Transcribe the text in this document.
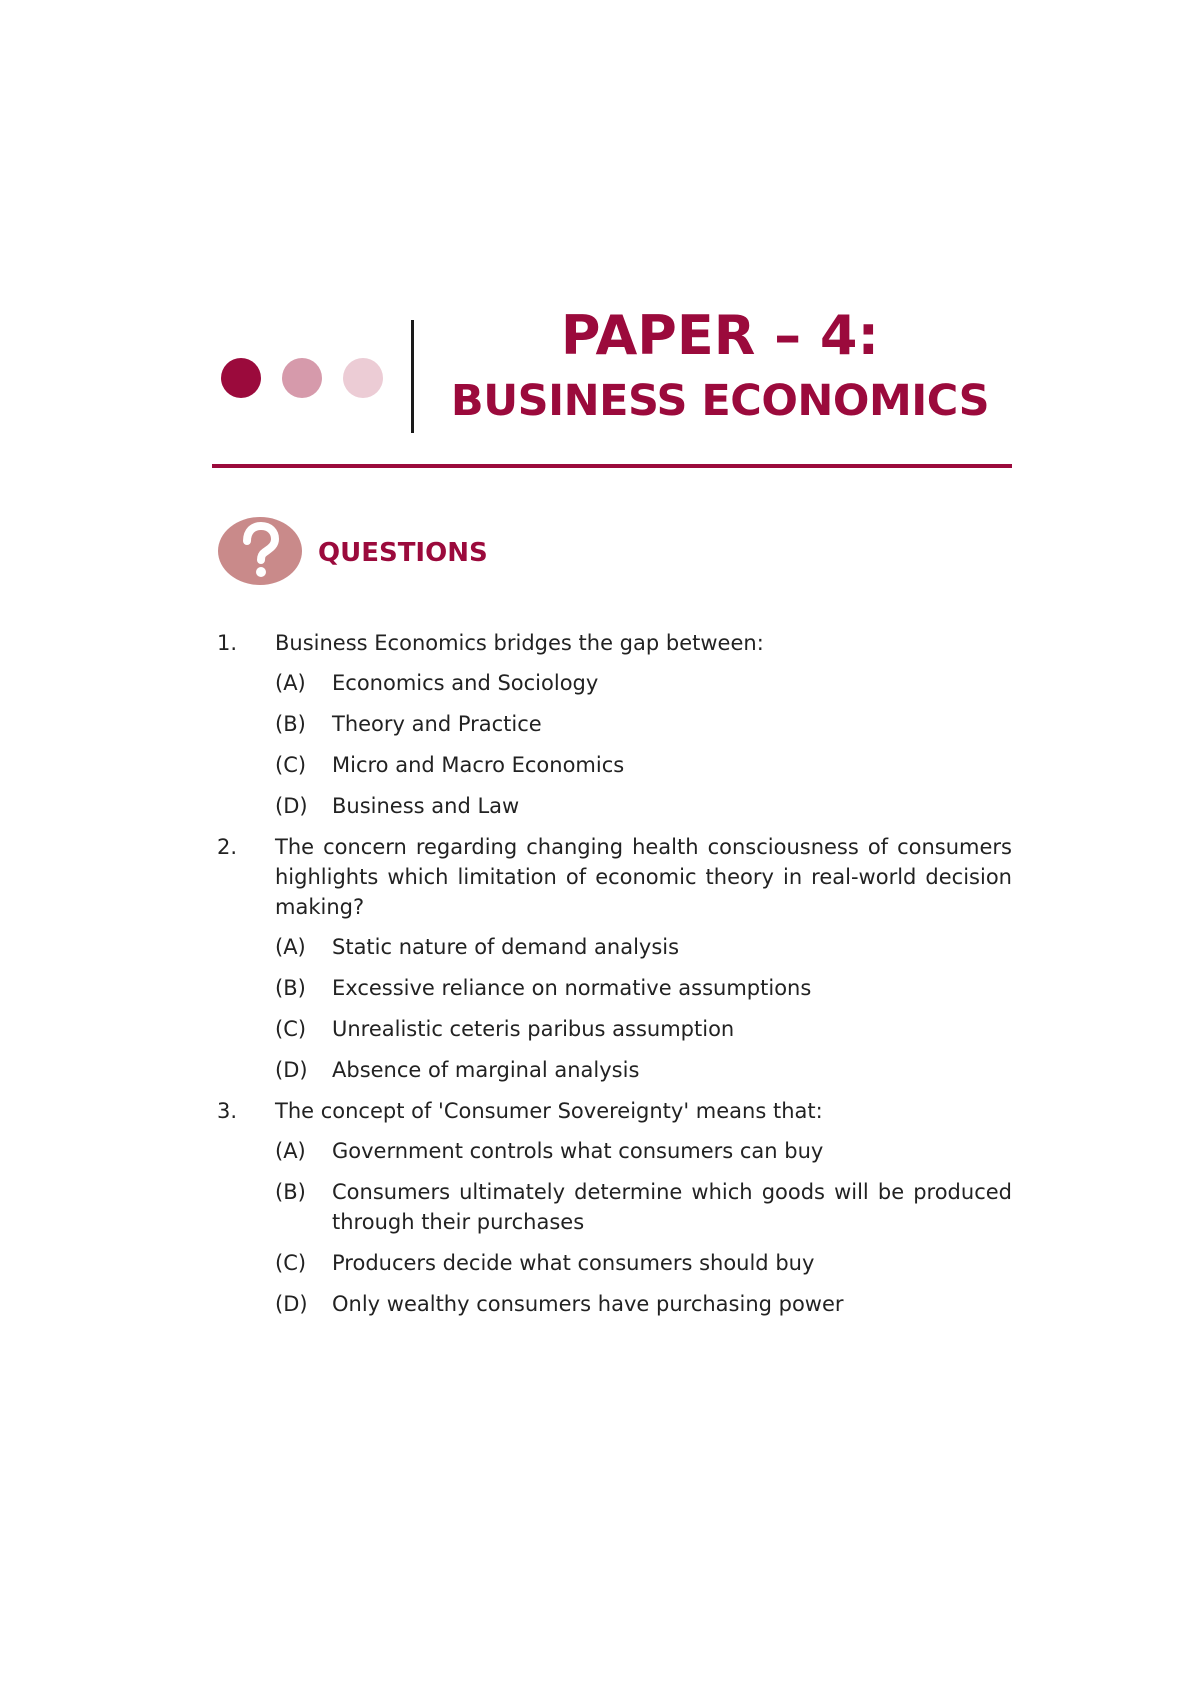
PAPER – 4:
BUSINESS ECONOMICS
QUESTIONS
1.	Business Economics bridges the gap between:
(A)	Economics and Sociology
(B)	Theory and Practice
(C)	Micro and Macro Economics
(D)	Business and Law
2.	The concern regarding changing health consciousness of consumers highlights which limitation of economic theory in real-world decision making?
(A)	Static nature of demand analysis
(B)	Excessive reliance on normative assumptions
(C)	Unrealistic ceteris paribus assumption
(D)	Absence of marginal analysis
3.	The concept of 'Consumer Sovereignty' means that:
(A)	Government controls what consumers can buy
(B)	Consumers ultimately determine which goods will be produced through their purchases
(C)	Producers decide what consumers should buy
(D)	Only wealthy consumers have purchasing power
